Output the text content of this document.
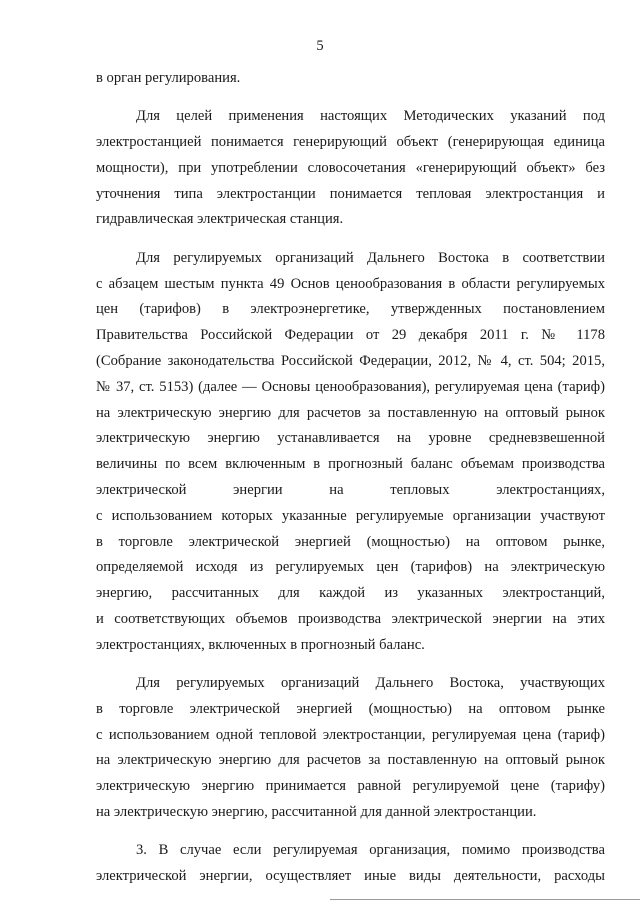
5

в орган регулирования.

Для целей применения настоящих Методических указаний под

электростанцией понимается генерирующий объект (генерирующая единица

мощности), при употреблении словосочетания «генерирующий объект» без

уточнения типа электростанции понимается тепловая электростанция и

гидравлическая электрическая станция.

Для регулируемых организаций Дальнего Востока в соответствии

с абзацем шестым пункта 49 Основ ценообразования в области регулируемых

цен (тарифов) в электроэнергетике, утвержденных постановлением

Правительства Российской Федерации от 29 декабря 2011 г. № 1178

(Собрание законодательства Российской Федерации, 2012, № 4, ст. 504; 2015,

№ 37, ст. 5153) (далее — Основы ценообразования), регулируемая цена (тариф)

на электрическую энергию для расчетов за поставленную на оптовый рынок

электрическую энергию устанавливается на уровне средневзвешенной

величины по всем включенным в прогнозный баланс объемам производства

электрической энергии на тепловых электростанциях,

с использованием которых указанные регулируемые организации участвуют

в торговле электрической энергией (мощностью) на оптовом рынке,

определяемой исходя из регулируемых цен (тарифов) на электрическую

энергию, рассчитанных для каждой из указанных электростанций,

и соответствующих объемов производства электрической энергии на этих

электростанциях, включенных в прогнозный баланс.

Для регулируемых организаций Дальнего Востока, участвующих

в торговле электрической энергией (мощностью) на оптовом рынке

с использованием одной тепловой электростанции, регулируемая цена (тариф)

на электрическую энергию для расчетов за поставленную на оптовый рынок

электрическую энергию принимается равной регулируемой цене (тарифу)

на электрическую энергию, рассчитанной для данной электростанции.

3. В случае если регулируемая организация, помимо производства

электрической энергии, осуществляет иные виды деятельности, расходы
